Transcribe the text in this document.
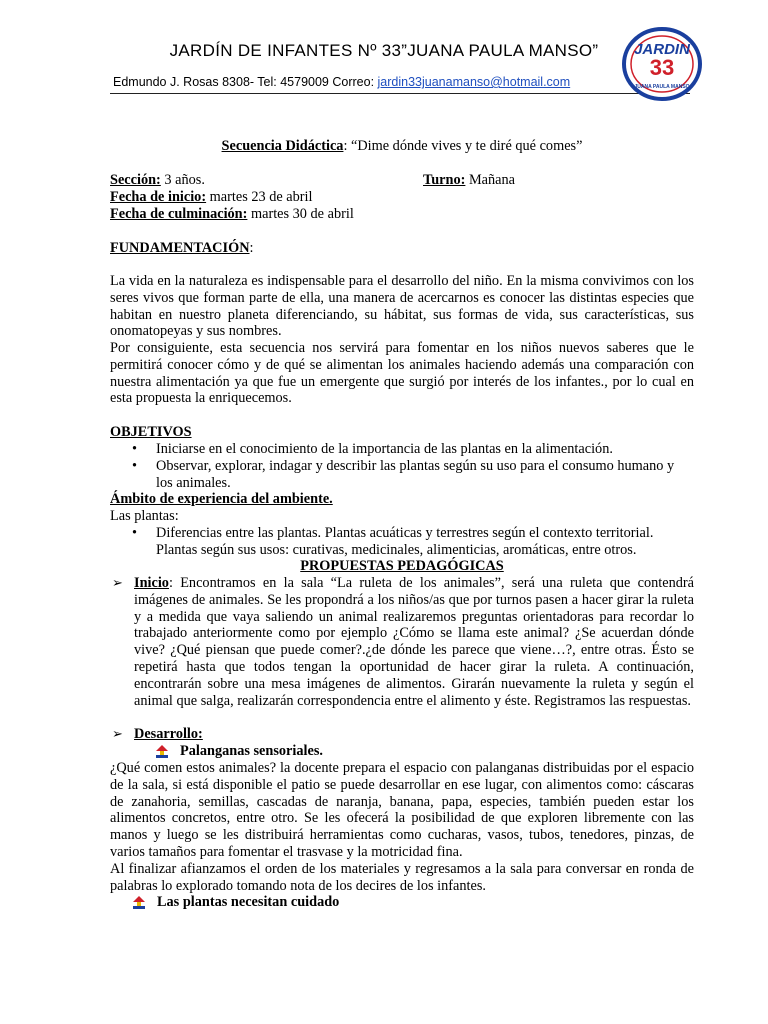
JARDÍN DE INFANTES Nº 33”JUANA PAULA MANSO”
Edmundo J. Rosas 8308- Tel: 4579009 Correo: jardin33juanamanso@hotmail.com
JARDIN
33
JUANA PAULA MANSO
Secuencia Didáctica: “Dime dónde vives y te diré qué comes”
Sección: 3 años.	Turno: Mañana
Fecha de inicio: martes 23 de abril
Fecha de culminación: martes 30 de abril
FUNDAMENTACIÓN:
La vida en la naturaleza es indispensable para el desarrollo del niño. En la misma convivimos con los seres vivos que forman parte de ella, una manera de acercarnos es conocer las distintas especies que habitan en nuestro planeta diferenciando, su hábitat, sus formas de vida, sus características, sus onomatopeyas y sus nombres.
Por consiguiente, esta secuencia nos servirá para fomentar en los niños nuevos saberes que le permitirá conocer cómo y de qué se alimentan los animales haciendo además una comparación con nuestra alimentación ya que fue un emergente que surgió por interés de los infantes., por lo cual en esta propuesta la enriquecemos.
OBJETIVOS
• Iniciarse en el conocimiento de la importancia de las plantas en la alimentación.
• Observar, explorar, indagar y describir las plantas según su uso para el consumo humano y los animales.
Ámbito de experiencia del ambiente.
Las plantas:
• Diferencias entre las plantas. Plantas acuáticas y terrestres según el contexto territorial. Plantas según sus usos: curativas, medicinales, alimenticias, aromáticas, entre otros.
PROPUESTAS PEDAGÓGICAS
➢ Inicio: Encontramos en la sala “La ruleta de los animales”, será una ruleta que contendrá imágenes de animales. Se les propondrá a los niños/as que por turnos pasen a hacer girar la ruleta y a medida que vaya saliendo un animal realizaremos preguntas orientadoras para recordar lo trabajado anteriormente como por ejemplo ¿Cómo se llama este animal? ¿Se acuerdan dónde vive? ¿Qué piensan que puede comer?.¿de dónde les parece que viene…?, entre otras. Ésto se repetirá hasta que todos tengan la oportunidad de hacer girar la ruleta. A continuación, encontrarán sobre una mesa imágenes de alimentos. Girarán nuevamente la ruleta y según el animal que salga, realizarán correspondencia entre el alimento y éste. Registramos las respuestas.
➢ Desarrollo:
Palanganas sensoriales.
¿Qué comen estos animales? la docente prepara el espacio con palanganas distribuidas por el espacio de la sala, si está disponible el patio se puede desarrollar en ese lugar, con alimentos como: cáscaras de zanahoria, semillas, cascadas de naranja, banana, papa, especies, también pueden estar los alimentos concretos, entre otro. Se les ofecerá la posibilidad de que exploren libremente con las manos y luego se les distribuirá herramientas como cucharas, vasos, tubos, tenedores, pinzas, de varios tamaños para fomentar el trasvase y la motricidad fina.
Al finalizar afianzamos el orden de los materiales y regresamos a la sala para conversar en ronda de palabras lo explorado tomando nota de los decires de los infantes.
Las plantas necesitan cuidado
